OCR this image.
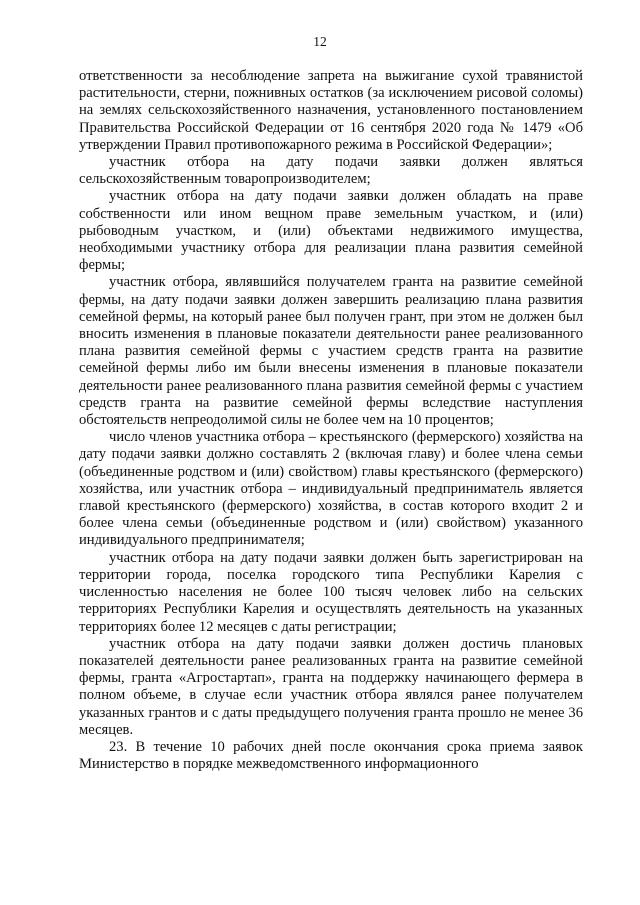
12

ответственности за несоблюдение запрета на выжигание сухой травянистой растительности, стерни, пожнивных остатков (за исключением рисовой соломы) на землях сельскохозяйственного назначения, установленного постановлением Правительства Российской Федерации от 16 сентября 2020 года № 1479 «Об утверждении Правил противопожарного режима в Российской Федерации»;

участник отбора на дату подачи заявки должен являться сельскохозяйственным товаропроизводителем;

участник отбора на дату подачи заявки должен обладать на праве собственности или ином вещном праве земельным участком, и (или) рыбоводным участком, и (или) объектами недвижимого имущества, необходимыми участнику отбора для реализации плана развития семейной фермы;

участник отбора, являвшийся получателем гранта на развитие семейной фермы, на дату подачи заявки должен завершить реализацию плана развития семейной фермы, на который ранее был получен грант, при этом не должен был вносить изменения в плановые показатели деятельности ранее реализованного плана развития семейной фермы с участием средств гранта на развитие семейной фермы либо им были внесены изменения в плановые показатели деятельности ранее реализованного плана развития семейной фермы с участием средств гранта на развитие семейной фермы вследствие наступления обстоятельств непреодолимой силы не более чем на 10 процентов;

число членов участника отбора – крестьянского (фермерского) хозяйства на дату подачи заявки должно составлять 2 (включая главу) и более члена семьи (объединенные родством и (или) свойством) главы крестьянского (фермерского) хозяйства, или участник отбора – индивидуальный предприниматель является главой крестьянского (фермерского) хозяйства, в состав которого входит 2 и более члена семьи (объединенные родством и (или) свойством) указанного индивидуального предпринимателя;

участник отбора на дату подачи заявки должен быть зарегистрирован на территории города, поселка городского типа Республики Карелия с численностью населения не более 100 тысяч человек либо на сельских территориях Республики Карелия и осуществлять деятельность на указанных территориях более 12 месяцев с даты регистрации;

участник отбора на дату подачи заявки должен достичь плановых показателей деятельности ранее реализованных гранта на развитие семейной фермы, гранта «Агростартап», гранта на поддержку начинающего фермера в полном объеме, в случае если участник отбора являлся ранее получателем указанных грантов и с даты предыдущего получения гранта прошло не менее 36 месяцев.

23. В течение 10 рабочих дней после окончания срока приема заявок Министерство в порядке межведомственного информационного
